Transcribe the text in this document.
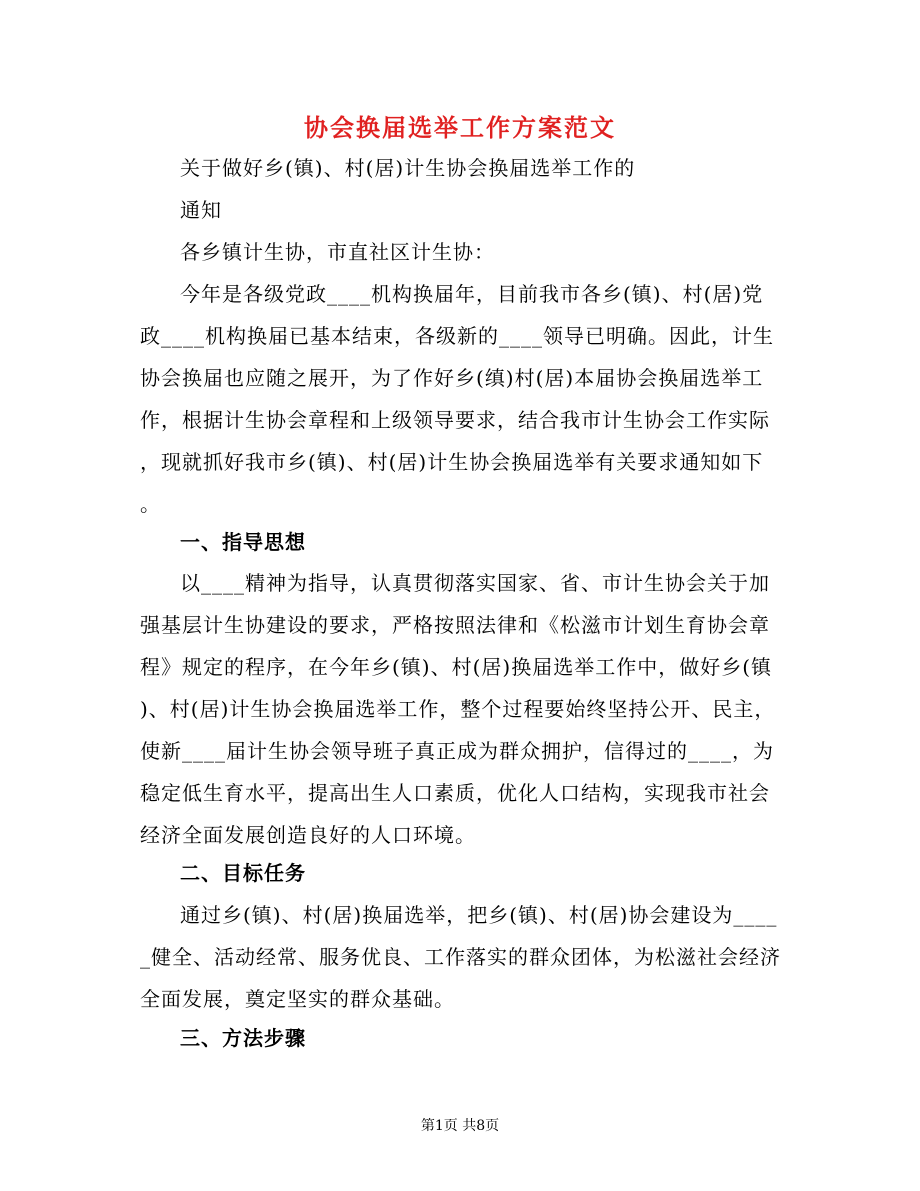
协会换届选举工作方案范文
关于做好乡(镇)、村(居)计生协会换届选举工作的
通知
各乡镇计生协，市直社区计生协：
今年是各级党政____机构换届年，目前我市各乡(镇)、村(居)党
政____机构换届已基本结束，各级新的____领导已明确。因此，计生
协会换届也应随之展开，为了作好乡(缜)村(居)本届协会换届选举工
作，根据计生协会章程和上级领导要求，结合我市计生协会工作实际
，现就抓好我市乡(镇)、村(居)计生协会换届选举有关要求通知如下
。
一、指导思想
以____精神为指导，认真贯彻落实国家、省、市计生协会关于加
强基层计生协建设的要求，严格按照法律和《松滋市计划生育协会章
程》规定的程序，在今年乡(镇)、村(居)换届选举工作中，做好乡(镇
)、村(居)计生协会换届选举工作，整个过程要始终坚持公开、民主，
使新____届计生协会领导班子真正成为群众拥护，信得过的____，为
稳定低生育水平，提高出生人口素质，优化人口结构，实现我市社会
经济全面发展创造良好的人口环境。
二、目标任务
通过乡(镇)、村(居)换届选举，把乡(镇)、村(居)协会建设为____
_健全、活动经常、服务优良、工作落实的群众团体，为松滋社会经济
全面发展，奠定坚实的群众基础。
三、方法步骤
第1页 共8页
